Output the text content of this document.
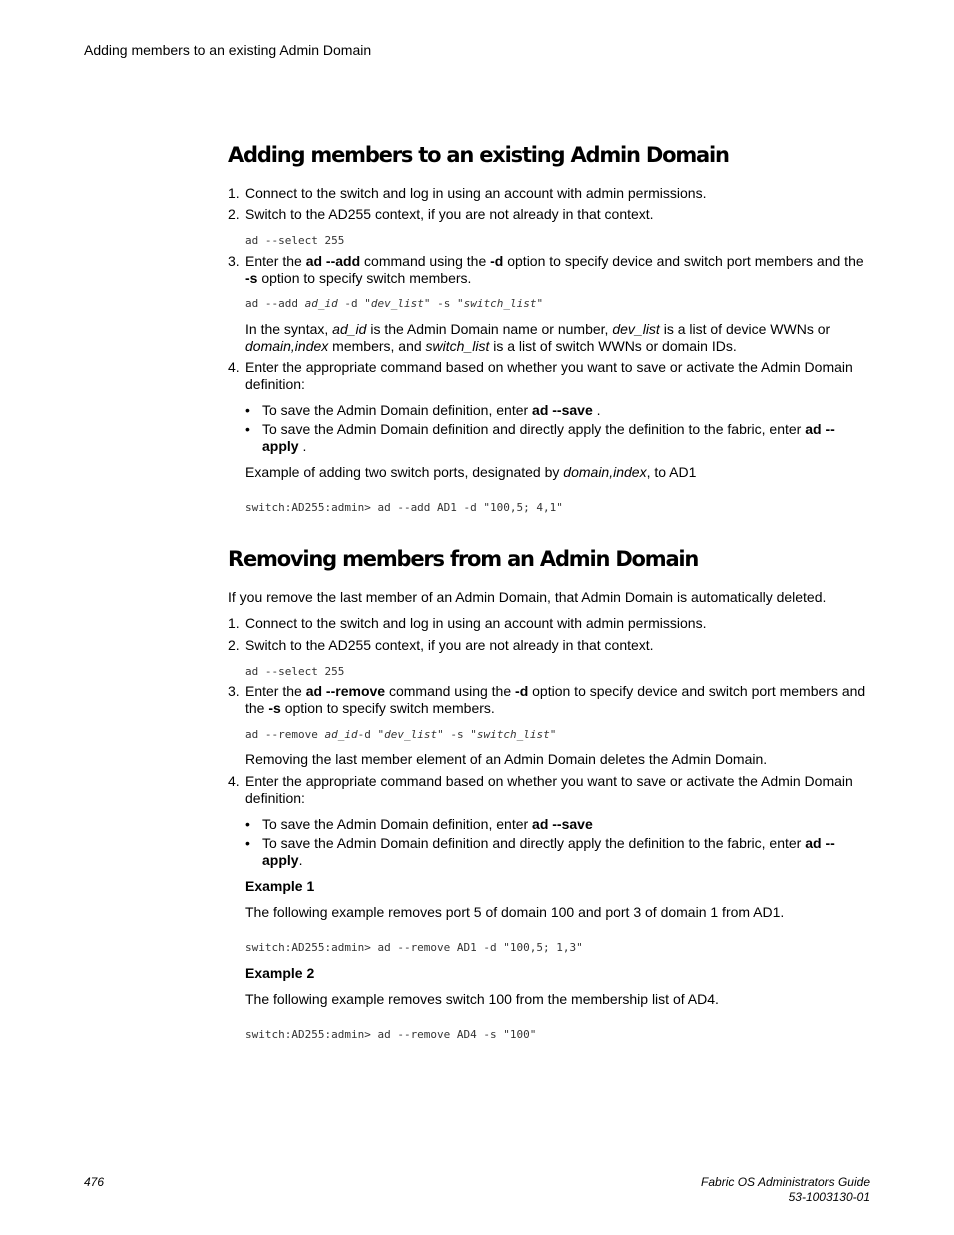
Adding members to an existing Admin Domain
Adding members to an existing Admin Domain
1. Connect to the switch and log in using an account with admin permissions.
2. Switch to the AD255 context, if you are not already in that context.
ad --select 255
3. Enter the ad --add command using the -d option to specify device and switch port members and the -s option to specify switch members.
ad --add ad_id -d "dev_list" -s "switch_list"
In the syntax, ad_id is the Admin Domain name or number, dev_list is a list of device WWNs or domain,index members, and switch_list is a list of switch WWNs or domain IDs.
4. Enter the appropriate command based on whether you want to save or activate the Admin Domain definition:
• To save the Admin Domain definition, enter ad --save .
• To save the Admin Domain definition and directly apply the definition to the fabric, enter ad --apply .
Example of adding two switch ports, designated by domain,index, to AD1
switch:AD255:admin> ad --add AD1 -d "100,5; 4,1"
Removing members from an Admin Domain
If you remove the last member of an Admin Domain, that Admin Domain is automatically deleted.
1. Connect to the switch and log in using an account with admin permissions.
2. Switch to the AD255 context, if you are not already in that context.
ad --select 255
3. Enter the ad --remove command using the -d option to specify device and switch port members and the -s option to specify switch members.
ad --remove ad_id-d "dev_list" -s "switch_list"
Removing the last member element of an Admin Domain deletes the Admin Domain.
4. Enter the appropriate command based on whether you want to save or activate the Admin Domain definition:
• To save the Admin Domain definition, enter ad --save
• To save the Admin Domain definition and directly apply the definition to the fabric, enter ad --apply.
Example 1
The following example removes port 5 of domain 100 and port 3 of domain 1 from AD1.
switch:AD255:admin> ad --remove AD1 -d "100,5; 1,3"
Example 2
The following example removes switch 100 from the membership list of AD4.
switch:AD255:admin> ad --remove AD4 -s "100"
476	Fabric OS Administrators Guide
53-1003130-01
